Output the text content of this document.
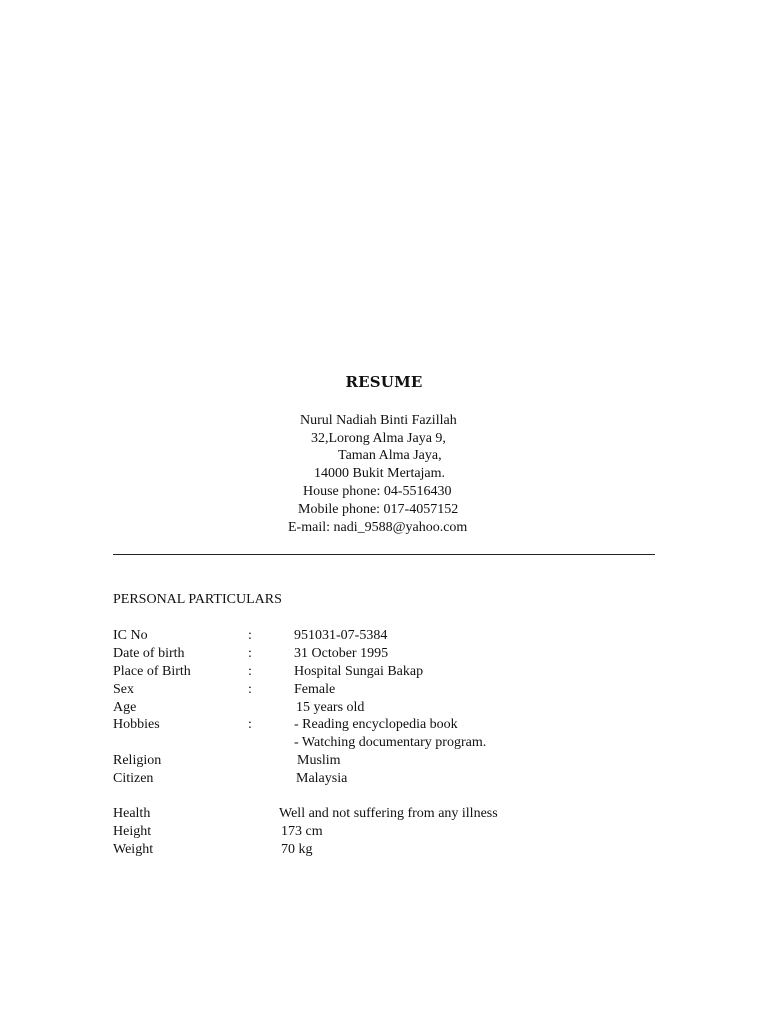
RESUME
Nurul Nadiah Binti Fazillah
32,Lorong Alma Jaya 9,
Taman Alma Jaya,
14000 Bukit Mertajam.
House phone: 04-5516430
Mobile phone: 017-4057152
E-mail: nadi_9588@yahoo.com
PERSONAL PARTICULARS
IC No	:	951031-07-5384
Date of birth	:	31 October 1995
Place of Birth	:	Hospital Sungai Bakap
Sex	:	Female
Age	15 years old
Hobbies	:	- Reading encyclopedia book
- Watching documentary program.
Religion	Muslim
Citizen	Malaysia
Health	Well and not suffering from any illness
Height	173 cm
Weight	70 kg
